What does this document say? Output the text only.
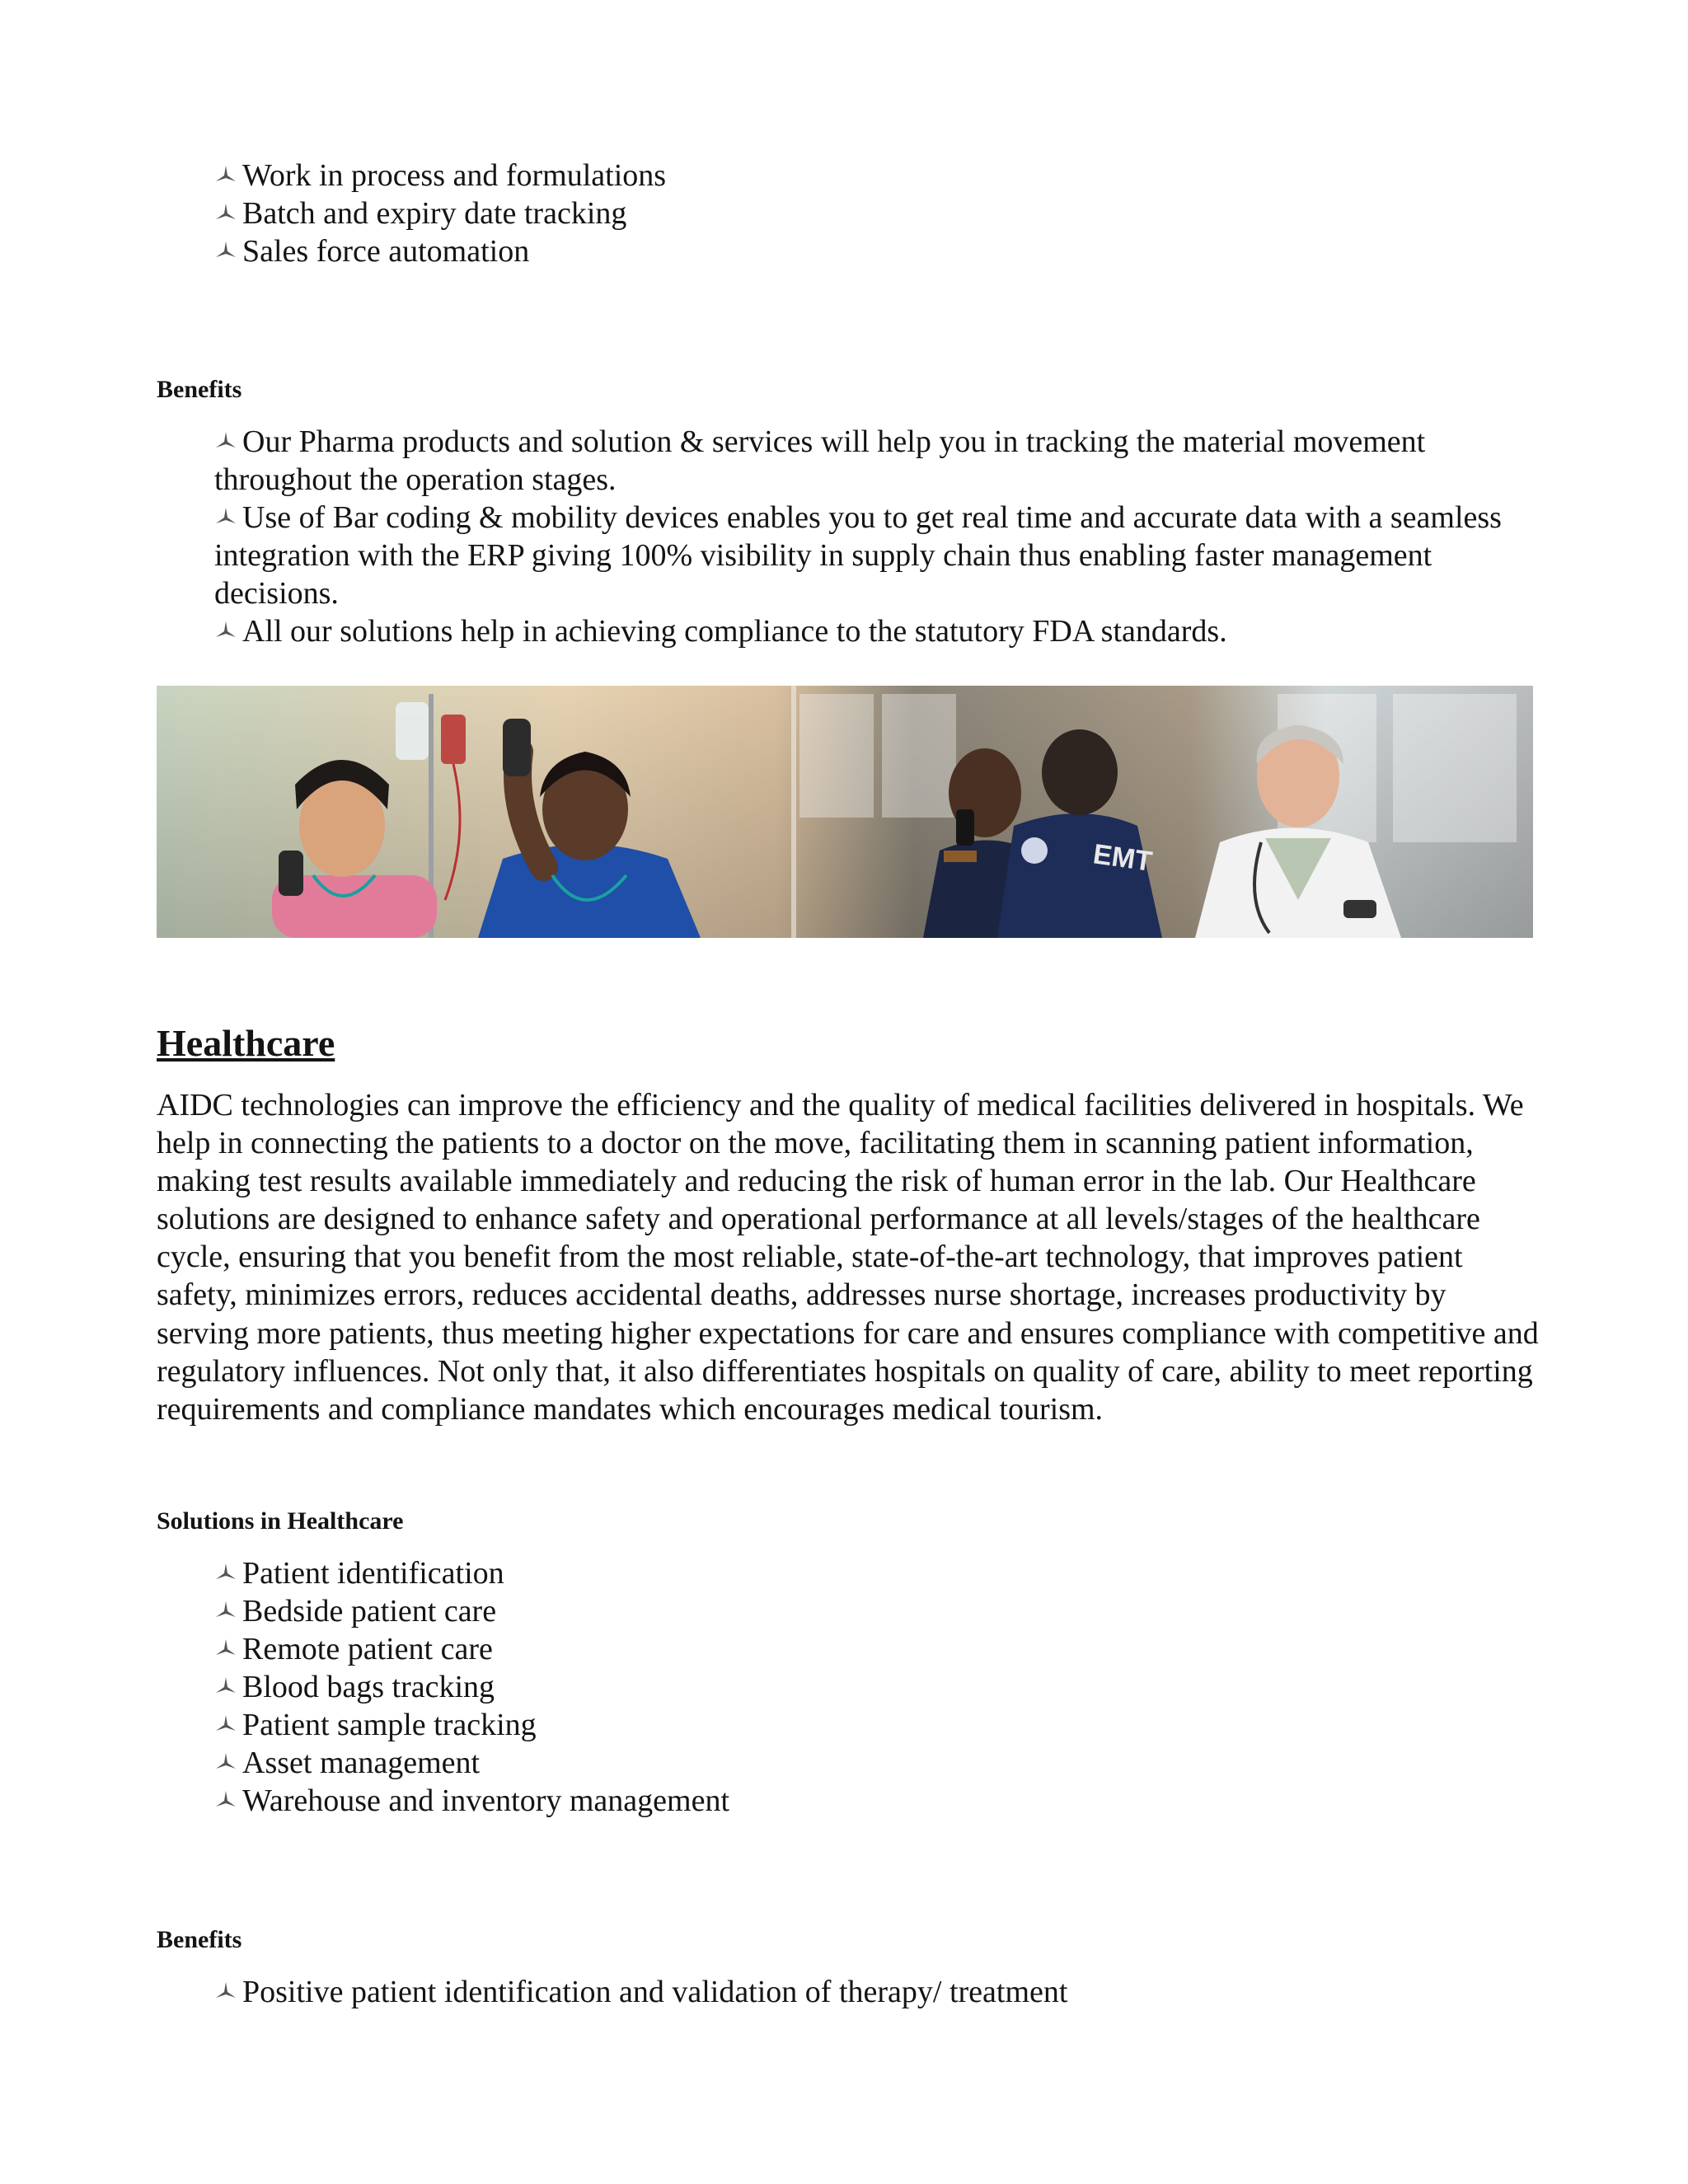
Work in process and formulations
Batch and expiry date tracking
Sales force automation

Benefits

Our Pharma products and solution & services will help you in tracking the material movement throughout the operation stages.
Use of Bar coding & mobility devices enables you to get real time and accurate data with a seamless integration with the ERP giving 100% visibility in supply chain thus enabling faster management decisions.
All our solutions help in achieving compliance to the statutory FDA standards.
EMT
Healthcare

AIDC technologies can improve the efficiency and the quality of medical facilities delivered in hospitals. We help in connecting the patients to a doctor on the move, facilitating them in scanning patient information, making test results available immediately and reducing the risk of human error in the lab. Our Healthcare solutions are designed to enhance safety and operational performance at all levels/stages of the healthcare cycle, ensuring that you benefit from the most reliable, state-of-the-art technology, that improves patient safety, minimizes errors, reduces accidental deaths, addresses nurse shortage, increases productivity by serving more patients, thus meeting higher expectations for care and ensures compliance with competitive and regulatory influences. Not only that, it also differentiates hospitals on quality of care, ability to meet reporting requirements and compliance mandates which encourages medical tourism.

Solutions in Healthcare

Patient identification
Bedside patient care
Remote patient care
Blood bags tracking
Patient sample tracking
Asset management
Warehouse and inventory management

Benefits

Positive patient identification and validation of therapy/ treatment
